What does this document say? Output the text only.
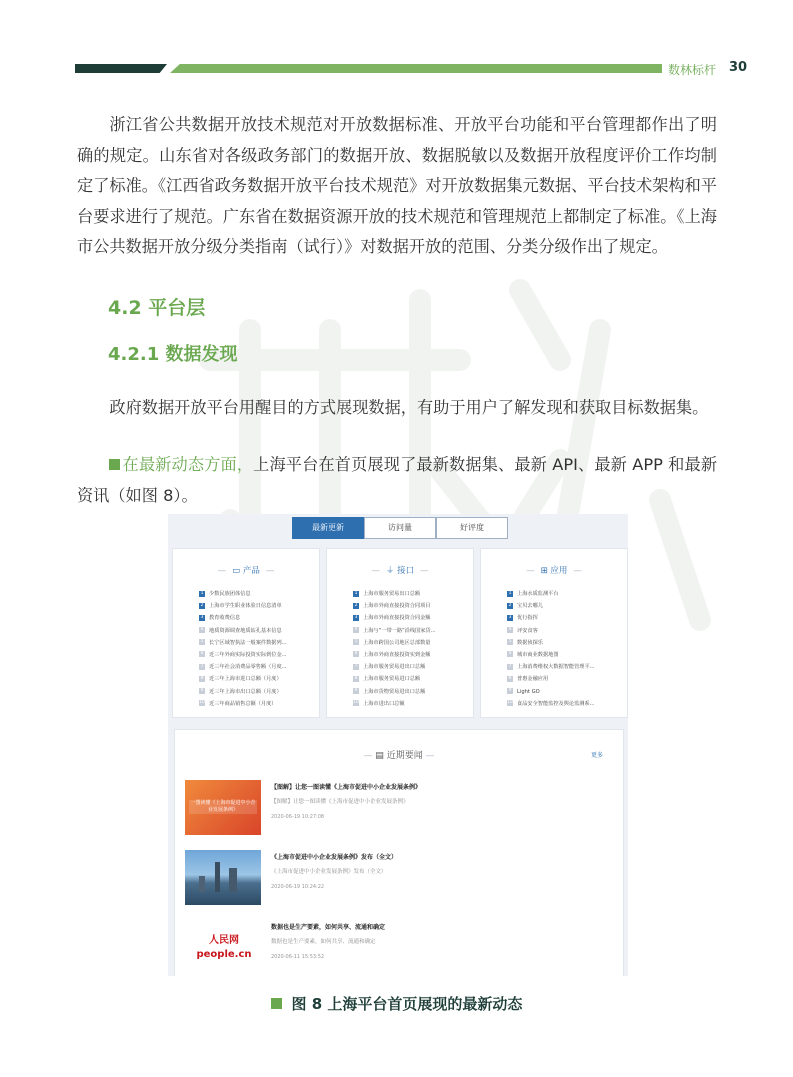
数林标杆 30

浙江省公共数据开放技术规范对开放数据标准、开放平台功能和平台管理都作出了明确的规定。山东省对各级政务部门的数据开放、数据脱敏以及数据开放程度评价工作均制定了标准。《江西省政务数据开放平台技术规范》对开放数据集元数据、平台技术架构和平台要求进行了规范。广东省在数据资源开放的技术规范和管理规范上都制定了标准。《上海市公共数据开放分级分类指南（试行）》对数据开放的范围、分类分级作出了规定。

4.2 平台层
4.2.1 数据发现

政府数据开放平台用醒目的方式展现数据，有助于用户了解发现和获取目标数据集。

在最新动态方面，上海平台在首页展现了最新数据集、最新 API、最新 APP 和最新资讯（如图 8）。

最新更新	访问量	好评度
— ▭ 产品 —
1 少数民族团体信息
2 上海市学生职业体验日信息清单
3 教育收费信息
4 地质资源调查地质钻孔基本信息
5 长宁区域智执法一般案件数据列...
6 近三年外商实际投资实际到位金...
7 近三年社会消费品零售额（月度...
8 近三年上海市进口总额（月度）
9 近三年上海市出口总额（月度）
10 近三年商品销售总额（月度）
— ⏚ 接口 —
1 上海市服务贸易出口总额
2 上海市外商直接投资合同项目
3 上海市外商直接投资合同金额
4 上海与“一带一路”沿线国家货...
5 上海市跨国公司地区总部数量
6 上海市外商直接投资实到金额
7 上海市服务贸易进出口总额
8 上海市服务贸易进口总额
9 上海市货物贸易进出口总额
10 上海市进出口总额
— ⊞ 应用 —
1 上海水质监测平台
2 宝贝去哪儿
3 优行指挥
4 评安食客
5 数据侦探乐
6 城市商业数据地图
7 上海消费维权大数据智能管理平...
8 普惠金融应用
9 Light GO
10 食品安全智能监控及舆论监测系...
— ▤ 近期要闻 —	更多
一图读懂《上海市促进中小企业发展条例》
【图解】让您一图读懂《上海市促进中小企业发展条例》
【图解】让您一图读懂《上海市促进中小企业发展条例》
2020-06-19 10:27:08
《上海市促进中小企业发展条例》发布（全文）
《上海市促进中小企业发展条例》发布（全文）
2020-06-19 10:24:22
人民网 people.cn
数据也是生产要素，如何共享、流通和确定
数据也是生产要素，如何共享、流通和确定
2020-06-11 15:53:52
图 8 上海平台首页展现的最新动态
